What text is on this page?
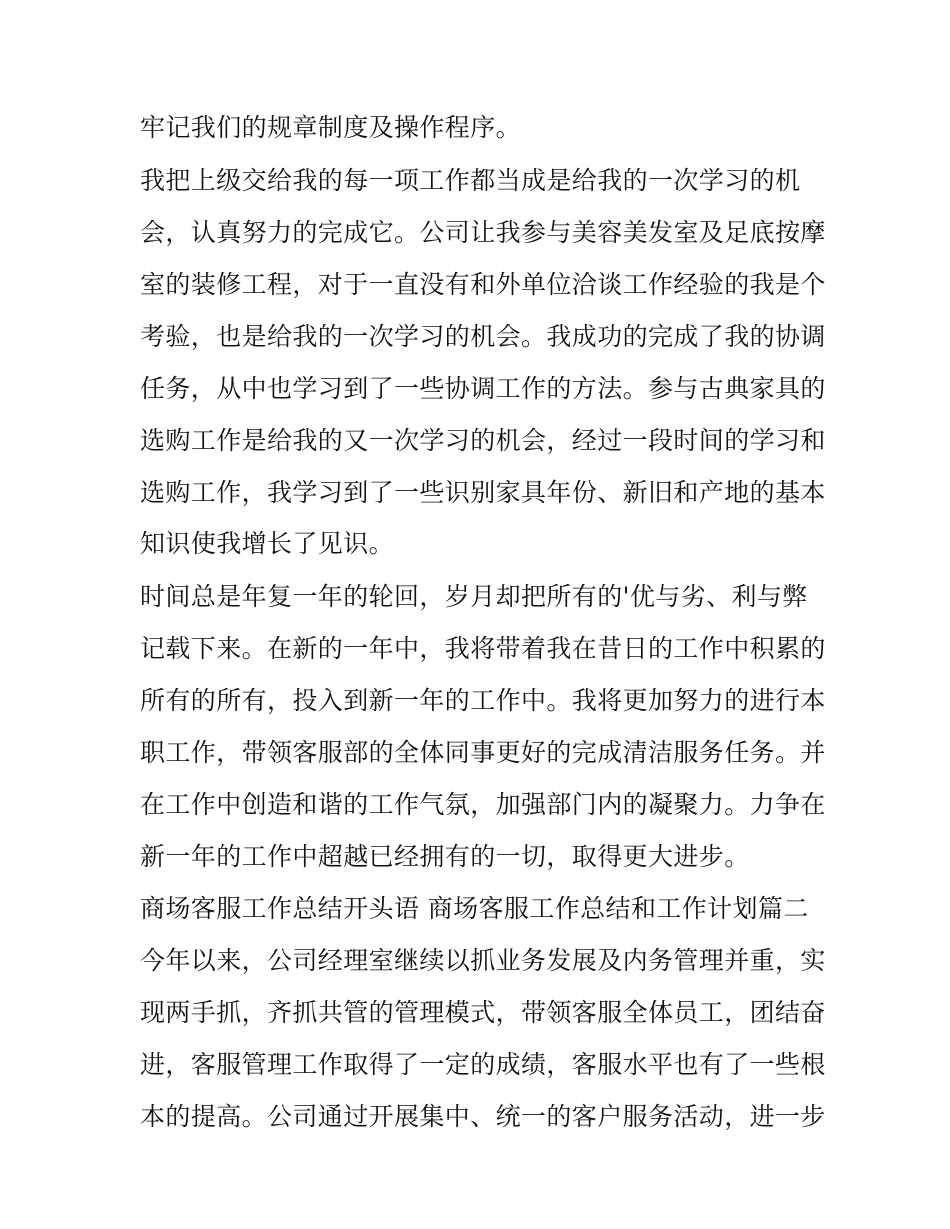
牢记我们的规章制度及操作程序。
我把上级交给我的每一项工作都当成是给我的一次学习的机
会，认真努力的完成它。公司让我参与美容美发室及足底按摩
室的装修工程，对于一直没有和外单位洽谈工作经验的我是个
考验，也是给我的一次学习的机会。我成功的完成了我的协调
任务，从中也学习到了一些协调工作的方法。参与古典家具的
选购工作是给我的又一次学习的机会，经过一段时间的学习和
选购工作，我学习到了一些识别家具年份、新旧和产地的基本
知识使我增长了见识。
时间总是年复一年的轮回，岁月却把所有的'优与劣、利与弊
记载下来。在新的一年中，我将带着我在昔日的工作中积累的
所有的所有，投入到新一年的工作中。我将更加努力的进行本
职工作，带领客服部的全体同事更好的完成清洁服务任务。并
在工作中创造和谐的工作气氛，加强部门内的凝聚力。力争在
新一年的工作中超越已经拥有的一切，取得更大进步。
商场客服工作总结开头语 商场客服工作总结和工作计划篇二
今年以来，公司经理室继续以抓业务发展及内务管理并重，实
现两手抓，齐抓共管的管理模式，带领客服全体员工，团结奋
进，客服管理工作取得了一定的成绩，客服水平也有了一些根
本的提高。公司通过开展集中、统一的客户服务活动，进一步
